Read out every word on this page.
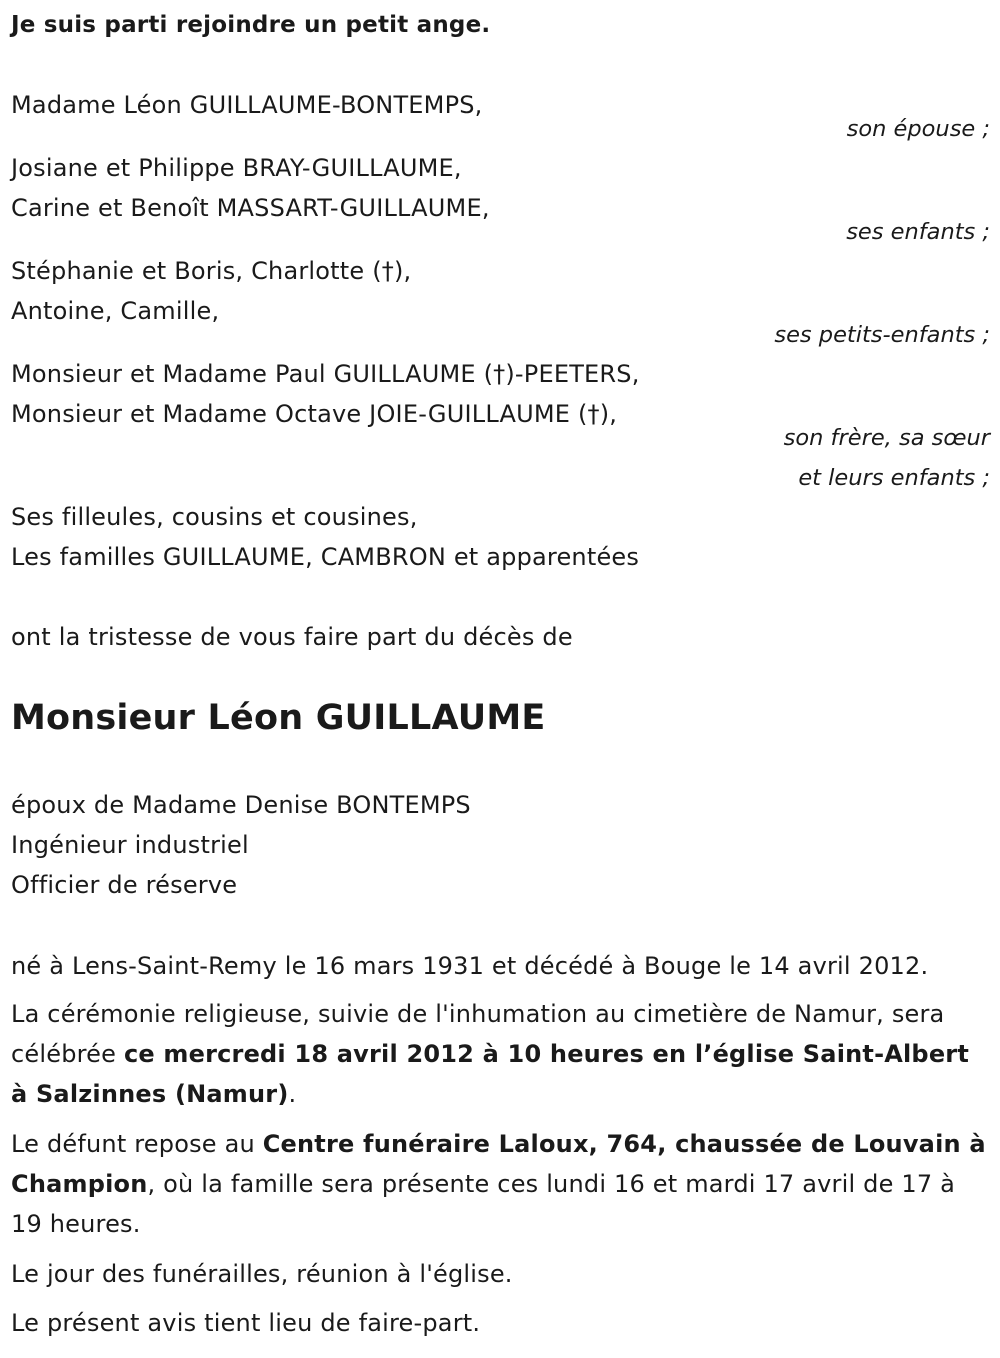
Je suis parti rejoindre un petit ange.
Madame Léon GUILLAUME-BONTEMPS,
son épouse ;
Josiane et Philippe BRAY-GUILLAUME,
Carine et Benoît MASSART-GUILLAUME,
ses enfants ;
Stéphanie et Boris, Charlotte (†),
Antoine, Camille,
ses petits-enfants ;
Monsieur et Madame Paul GUILLAUME (†)-PEETERS,
Monsieur et Madame Octave JOIE-GUILLAUME (†),
son frère, sa sœur
et leurs enfants ;
Ses filleules, cousins et cousines,
Les familles GUILLAUME, CAMBRON et apparentées
ont la tristesse de vous faire part du décès de
Monsieur Léon GUILLAUME
époux de Madame Denise BONTEMPS
Ingénieur industriel
Officier de réserve
né à Lens-Saint-Remy le 16 mars 1931 et décédé à Bouge le 14 avril 2012.
La cérémonie religieuse, suivie de l'inhumation au cimetière de Namur, sera célébrée ce mercredi 18 avril 2012 à 10 heures en l’église Saint-Albert à Salzinnes (Namur).
Le défunt repose au Centre funéraire Laloux, 764, chaussée de Louvain à Champion, où la famille sera présente ces lundi 16 et mardi 17 avril de 17 à 19 heures.
Le jour des funérailles, réunion à l'église.
Le présent avis tient lieu de faire-part.
